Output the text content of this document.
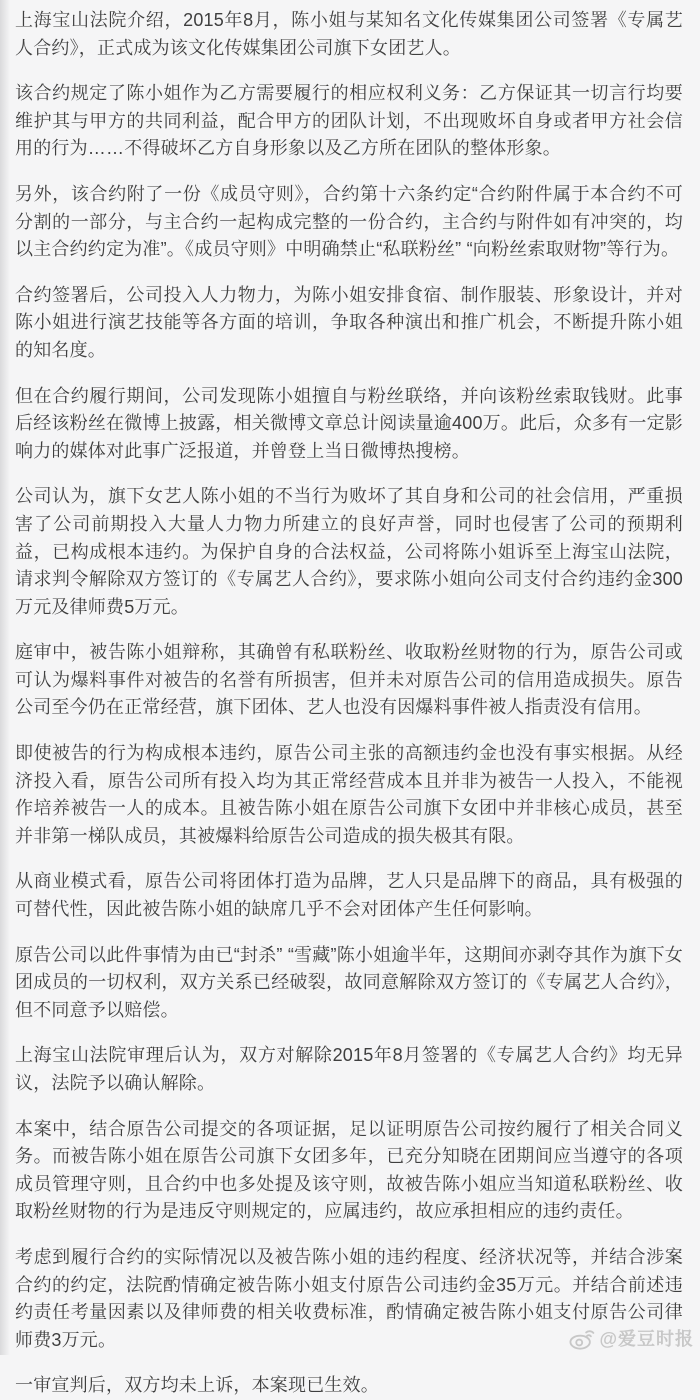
上海宝山法院介绍，2015年8月，陈小姐与某知名文化传媒集团公司签署《专属艺人合约》，正式成为该文化传媒集团公司旗下女团艺人。

该合约规定了陈小姐作为乙方需要履行的相应权利义务：乙方保证其一切言行均要维护其与甲方的共同利益，配合甲方的团队计划，不出现败坏自身或者甲方社会信用的行为……不得破坏乙方自身形象以及乙方所在团队的整体形象。

另外，该合约附了一份《成员守则》，合约第十六条约定“合约附件属于本合约不可分割的一部分，与主合约一起构成完整的一份合约，主合约与附件如有冲突的，均以主合约约定为准”。《成员守则》中明确禁止“私联粉丝” “向粉丝索取财物”等行为。

合约签署后，公司投入人力物力，为陈小姐安排食宿、制作服装、形象设计，并对陈小姐进行演艺技能等各方面的培训，争取各种演出和推广机会，不断提升陈小姐的知名度。

但在合约履行期间，公司发现陈小姐擅自与粉丝联络，并向该粉丝索取钱财。此事后经该粉丝在微博上披露，相关微博文章总计阅读量逾400万。此后，众多有一定影响力的媒体对此事广泛报道，并曾登上当日微博热搜榜。

公司认为，旗下女艺人陈小姐的不当行为败坏了其自身和公司的社会信用，严重损害了公司前期投入大量人力物力所建立的良好声誉，同时也侵害了公司的预期利益，已构成根本违约。为保护自身的合法权益，公司将陈小姐诉至上海宝山法院，请求判令解除双方签订的《专属艺人合约》，要求陈小姐向公司支付合约违约金300万元及律师费5万元。

庭审中，被告陈小姐辩称，其确曾有私联粉丝、收取粉丝财物的行为，原告公司或可认为爆料事件对被告的名誉有所损害，但并未对原告公司的信用造成损失。原告公司至今仍在正常经营，旗下团体、艺人也没有因爆料事件被人指责没有信用。

即使被告的行为构成根本违约，原告公司主张的高额违约金也没有事实根据。从经济投入看，原告公司所有投入均为其正常经营成本且并非为被告一人投入，不能视作培养被告一人的成本。且被告陈小姐在原告公司旗下女团中并非核心成员，甚至并非第一梯队成员，其被爆料给原告公司造成的损失极其有限。

从商业模式看，原告公司将团体打造为品牌，艺人只是品牌下的商品，具有极强的可替代性，因此被告陈小姐的缺席几乎不会对团体产生任何影响。

原告公司以此件事情为由已“封杀” “雪藏”陈小姐逾半年，这期间亦剥夺其作为旗下女团成员的一切权利，双方关系已经破裂，故同意解除双方签订的《专属艺人合约》，但不同意予以赔偿。

上海宝山法院审理后认为，双方对解除2015年8月签署的《专属艺人合约》均无异议，法院予以确认解除。

本案中，结合原告公司提交的各项证据，足以证明原告公司按约履行了相关合同义务。而被告陈小姐在原告公司旗下女团多年，已充分知晓在团期间应当遵守的各项成员管理守则，且合约中也多处提及该守则，故被告陈小姐应当知道私联粉丝、收取粉丝财物的行为是违反守则规定的，应属违约，故应承担相应的违约责任。

考虑到履行合约的实际情况以及被告陈小姐的违约程度、经济状况等，并结合涉案合约的约定，法院酌情确定被告陈小姐支付原告公司违约金35万元。并结合前述违约责任考量因素以及律师费的相关收费标准，酌情确定被告陈小姐支付原告公司律师费3万元。

一审宣判后，双方均未上诉，本案现已生效。

@爱豆时报
